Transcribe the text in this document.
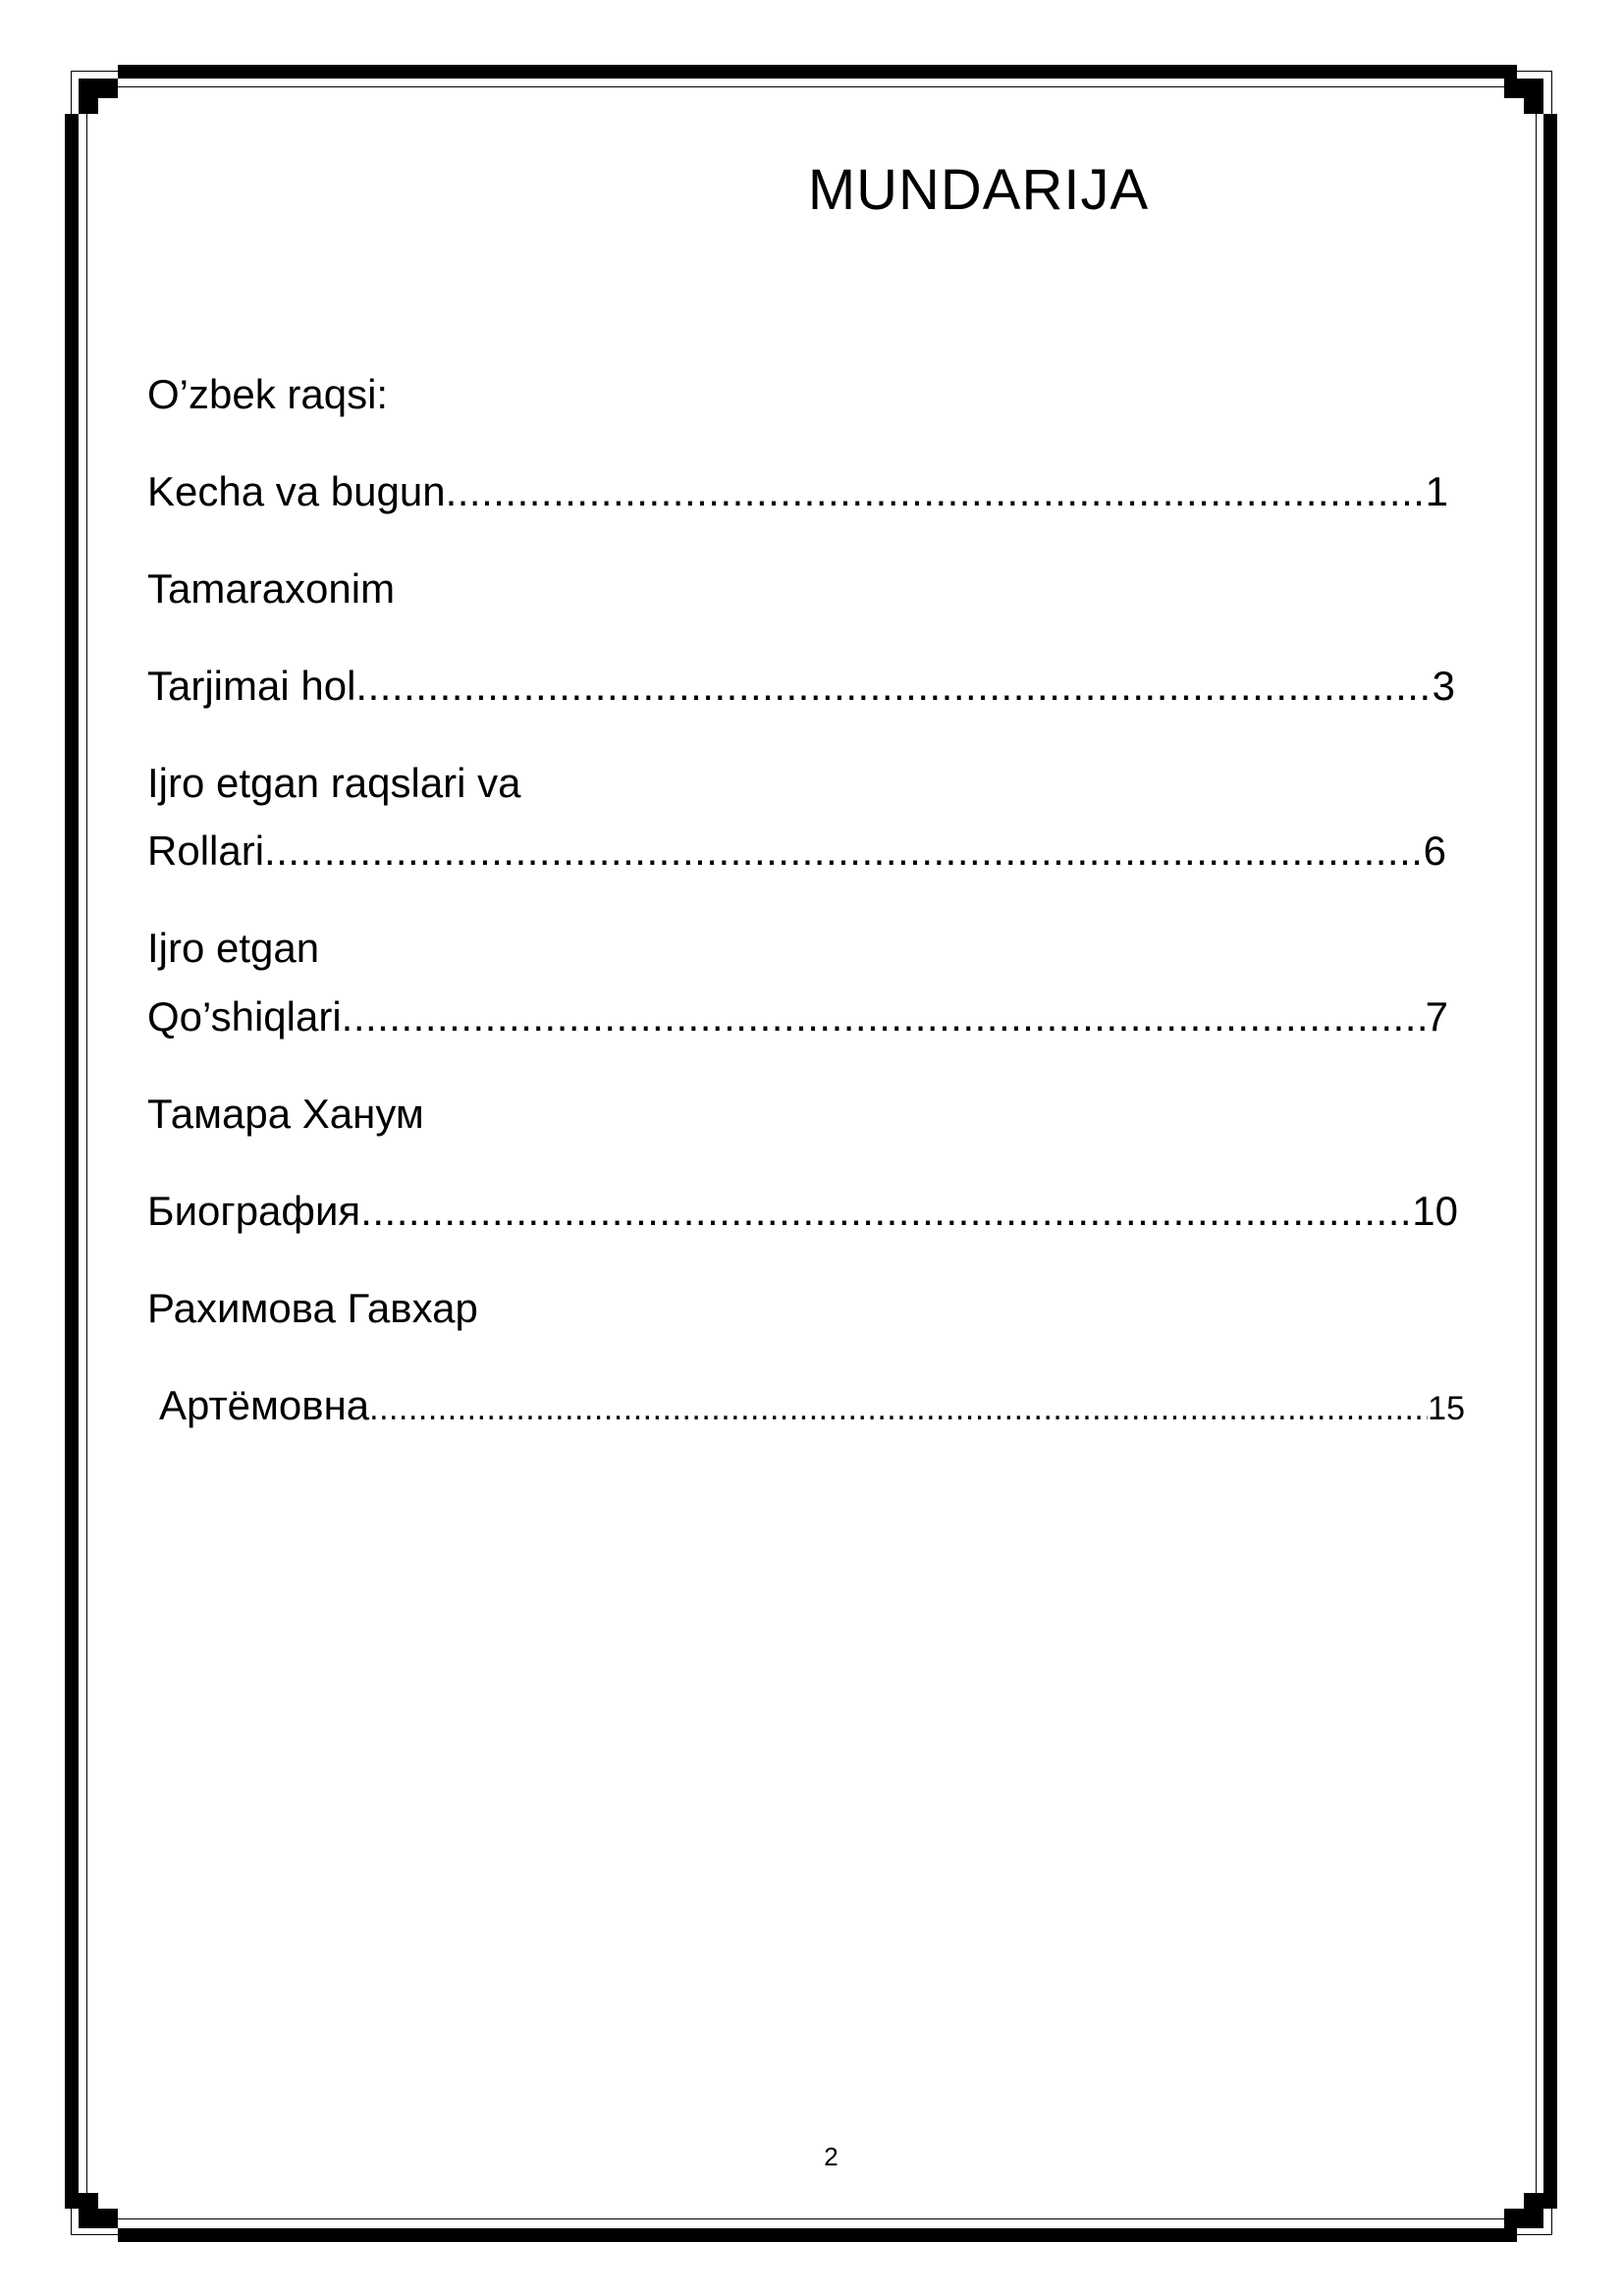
MUNDARIJA
O’zbek raqsi:
Kecha va bugun .....	1
Tamaraxonim
Tarjimai hol .....	3
Ijro etgan raqslari va
Rollari .....	6
Ijro etgan
Qo’shiqlari .....	7
Тамара Ханум
Биография .....	10
Рахимова Гавхар
Артёмовна .....	15
2
